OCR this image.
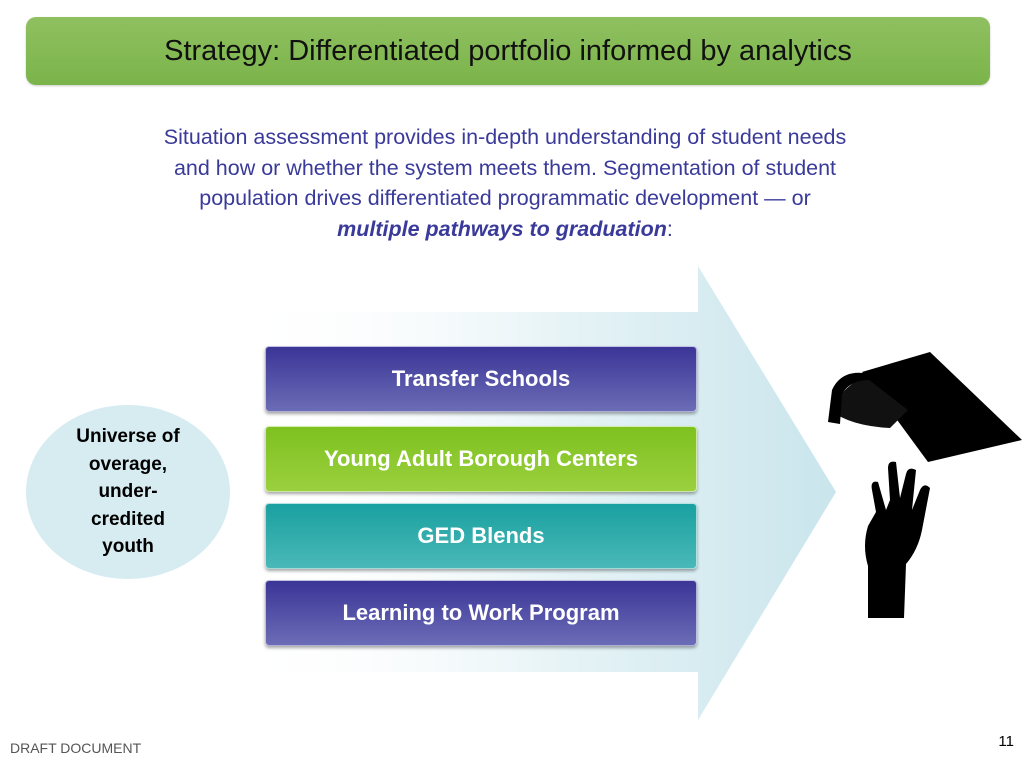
Strategy: Differentiated portfolio informed by analytics
Situation assessment provides in-depth understanding of student needs
and how or whether the system meets them. Segmentation of student
population drives differentiated programmatic development — or
multiple pathways to graduation:
Universe of
overage,
under-
credited
youth
Transfer Schools
Young Adult Borough Centers
GED Blends
Learning to Work Program
DRAFT DOCUMENT	11
